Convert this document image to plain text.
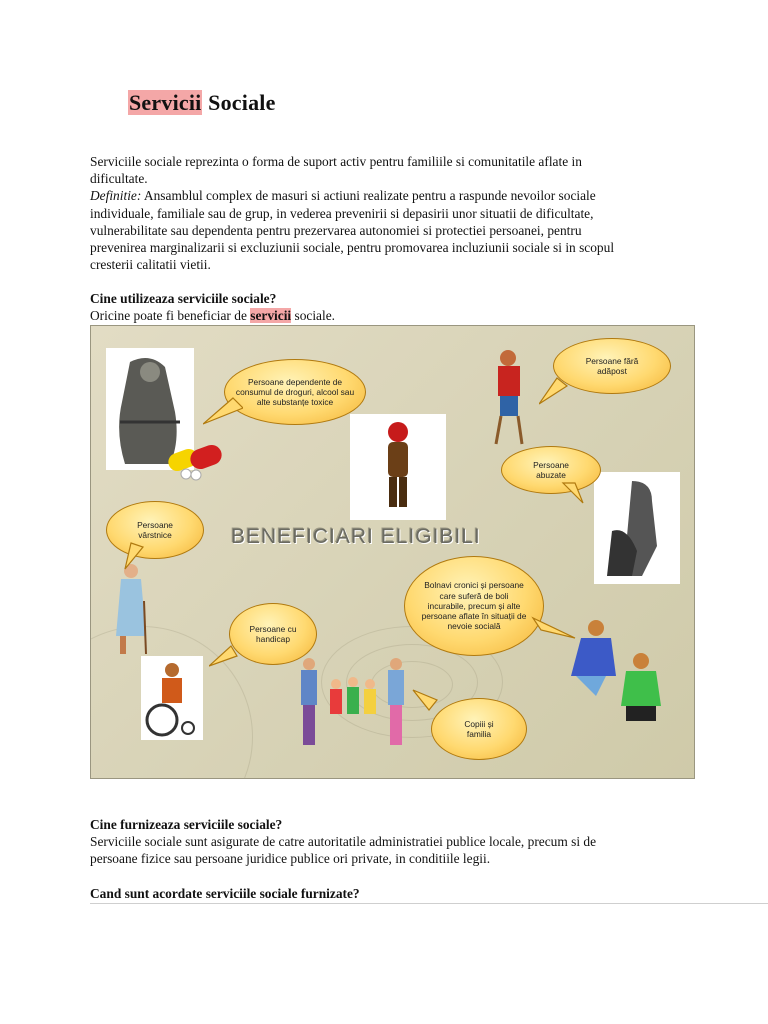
Servicii Sociale

Serviciile sociale reprezinta o forma de suport activ pentru familiile si comunitatile aflate in

dificultate.

Definitie: Ansamblul complex de masuri si actiuni realizate pentru a raspunde nevoilor sociale

individuale, familiale sau de grup, in vederea prevenirii si depasirii unor situatii de dificultate,

vulnerabilitate sau dependenta pentru prezervarea autonomiei si protectiei persoanei, pentru

prevenirea marginalizarii si excluziunii sociale, pentru promovarea incluziunii sociale si in scopul

cresterii calitatii vietii.

Cine utilizeaza serviciile sociale?

Oricine poate fi beneficiar de servicii sociale.

BENEFICIARI ELIGIBILI
Persoane dependente de consumul de droguri, alcool sau alte substanțe toxice
Persoane fără adăpost
Persoane abuzate
Persoane vârstnice
Bolnavi cronici și persoane care suferă de boli incurabile, precum și alte persoane aflate în situații de nevoie socială
Persoane cu handicap
Copiii și familia

Cine furnizeaza serviciile sociale?

Serviciile sociale sunt asigurate de catre autoritatile administratiei publice locale, precum si de

persoane fizice sau persoane juridice publice ori private, in conditiile legii.

Cand sunt acordate serviciile sociale furnizate?
